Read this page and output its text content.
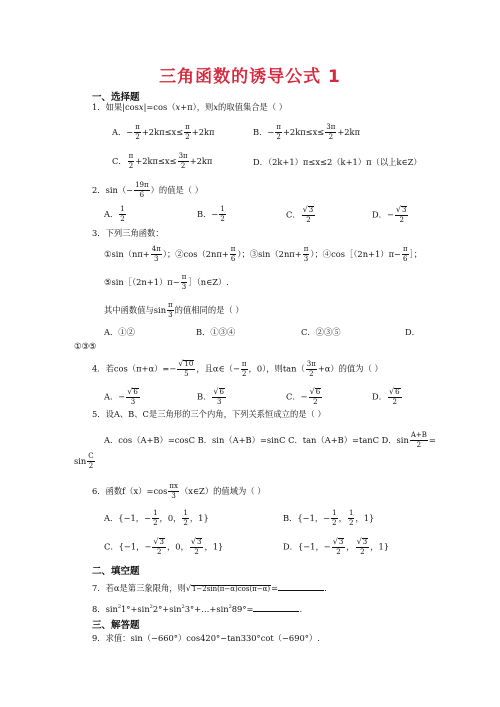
三角函数的诱导公式 1
一、选择题
1．如果|cosx|=cos（x+π），则x的取值集合是（ ）
A．− $\frac{\pi}{2} +2k\pi\le x\le \frac{\pi}{2} +2k\pi$	B．− $\frac{\pi}{2} +2k\pi\le x\le \frac{3\pi}{2} +2k\pi$
C． $\frac{\pi}{2} +2k\pi\le x\le \frac{3\pi}{2} +2k\pi$	D．（2k+1）π≤x≤2（k+1）π（以上k∈Z）
2．$\sin(- \frac{19\pi}{6}$ ）的值是（ ）
A． $\frac{1}{2}$	B．− $\frac{1}{2}$	C． $\frac{√ 3}{2}$	D．− $\frac{√ 3}{2}$
3．下列三角函数：
①sin（nπ+ $\frac{4\pi}{3}$ ）；②cos（2nπ+ $\frac{\pi}{6}$ ）；③sin（2nπ+ $\frac{\pi}{3}$ ）；④cos［（2n+1）π− $\frac{\pi}{6}$ ］；
⑤sin［（2n+1）π− $\frac{\pi}{3}$ ］（n∈Z）.
其中函数值与$\sin \frac{\pi}{3}$ 的值相同的是（ ）
A．①②	B．①③④	C．②③⑤	D．
①③⑤
4．若$\cos(\pi+\alpha)=- \frac{√ 10}{5}$ ，且α∈（− $\frac{\pi}{2}$ ，0），则$\tan( \frac{3\pi}{2} +\alpha)$的值为（ ）
A．− $\frac{√ 6}{3}$	B． $\frac{√ 6}{3}$	C．− $\frac{√ 6}{2}$	D． $\frac{√ 6}{2}$
5．设A、B、C是三角形的三个内角，下列关系恒成立的是（ ）
A．cos（A+B）=cosC B．sin（A+B）=sinC C．tan（A+B）=tanC D．$\sin \frac{A+B}{2}$ =
$\sin \frac{C}{2}$
6．函数$f(x)=\cos \frac{\pi x}{3}$ （x∈Z）的值域为（ ）
A．{−1，− $\frac{1}{2}$ ，0， $\frac{1}{2}$ ，1}	B．{−1，− $\frac{1}{2}$ ， $\frac{1}{2}$ ，1}
C．{−1，− $\frac{√ 3}{2}$ ，0， $\frac{√ 3}{2}$ ，1}	D．{−1，− $\frac{√ 3}{2}$ ， $\frac{√ 3}{2}$ ，1}
二、填空题
7．若α是第三象限角，则 √ 1−2sin(π−α)cos(π−α) =	.
8．$\sin^21^\circ+\sin^22^\circ+\sin^23^\circ+\dots+\sin^289^\circ=$	.
三、解答题
9．求值：sin（−660°）cos420°−tan330°cot（−690°）.
